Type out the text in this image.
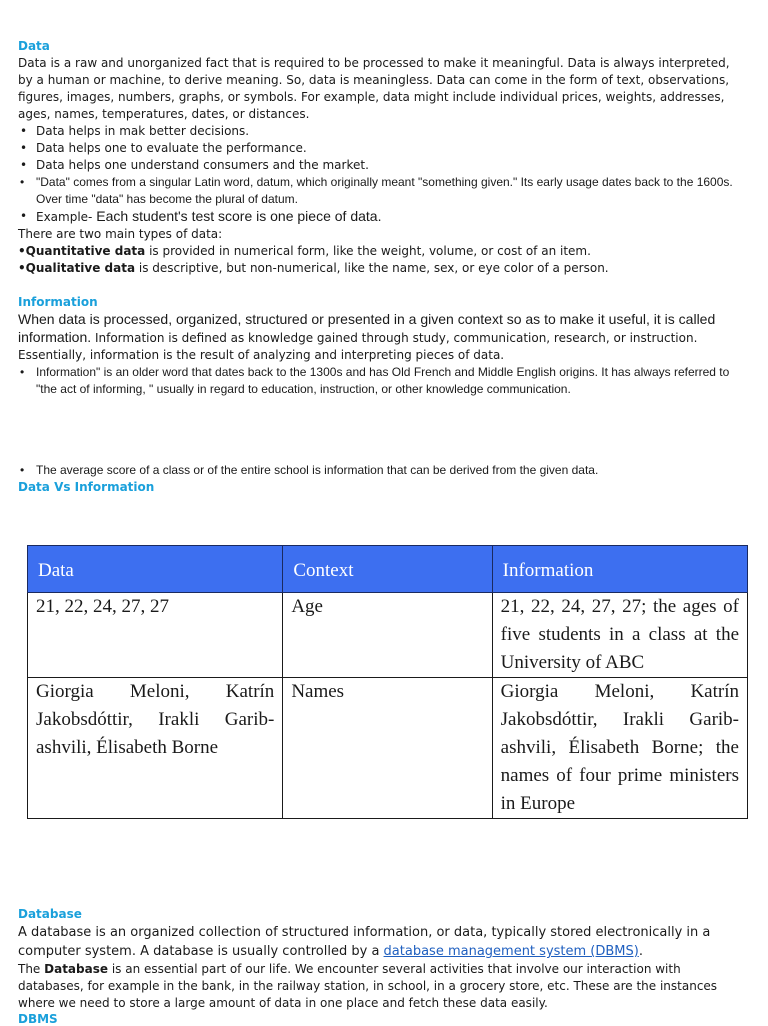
Data

Data is a raw and unorganized fact that is required to be processed to make it meaningful. Data is always interpreted, by a human or machine, to derive meaning. So, data is meaningless. Data can come in the form of text, observations, figures, images, numbers, graphs, or symbols. For example, data might include individual prices, weights, addresses, ages, names, temperatures, dates, or distances.

• Data helps in mak better decisions.
• Data helps one to evaluate the performance.
• Data helps one understand consumers and the market.
• "Data" comes from a singular Latin word, datum, which originally meant "something given." Its early usage dates back to the 1600s. Over time "data" has become the plural of datum.
• Example- Each student's test score is one piece of data.

There are two main types of data:

•Quantitative data is provided in numerical form, like the weight, volume, or cost of an item.

•Qualitative data is descriptive, but non-numerical, like the name, sex, or eye color of a person.

Information

When data is processed, organized, structured or presented in a given context so as to make it useful, it is called information. Information is defined as knowledge gained through study, communication, research, or instruction. Essentially, information is the result of analyzing and interpreting pieces of data.

• Information" is an older word that dates back to the 1300s and has Old French and Middle English origins. It has always referred to "the act of informing, " usually in regard to education, instruction, or other knowledge communication.
• The average score of a class or of the entire school is information that can be derived from the given data.
Data Vs Information
Data	Context	Information
21, 22, 24, 27, 27	Age	21, 22, 24, 27, 27; the ages of five students in a class at the University of ABC
Giorgia Meloni, Katrín Jakobsdóttir, Irakli Garib-ashvili, Élisabeth Borne	Names	Giorgia Meloni, Katrín Jakobsdóttir, Irakli Garib-ashvili, Élisabeth Borne; the names of four prime ministers in Europe
Database

A database is an organized collection of structured information, or data, typically stored electronically in a computer system. A database is usually controlled by a database management system (DBMS).

The Database is an essential part of our life. We encounter several activities that involve our interaction with databases, for example in the bank, in the railway station, in school, in a grocery store, etc. These are the instances where we need to store a large amount of data in one place and fetch these data easily.

DBMS
